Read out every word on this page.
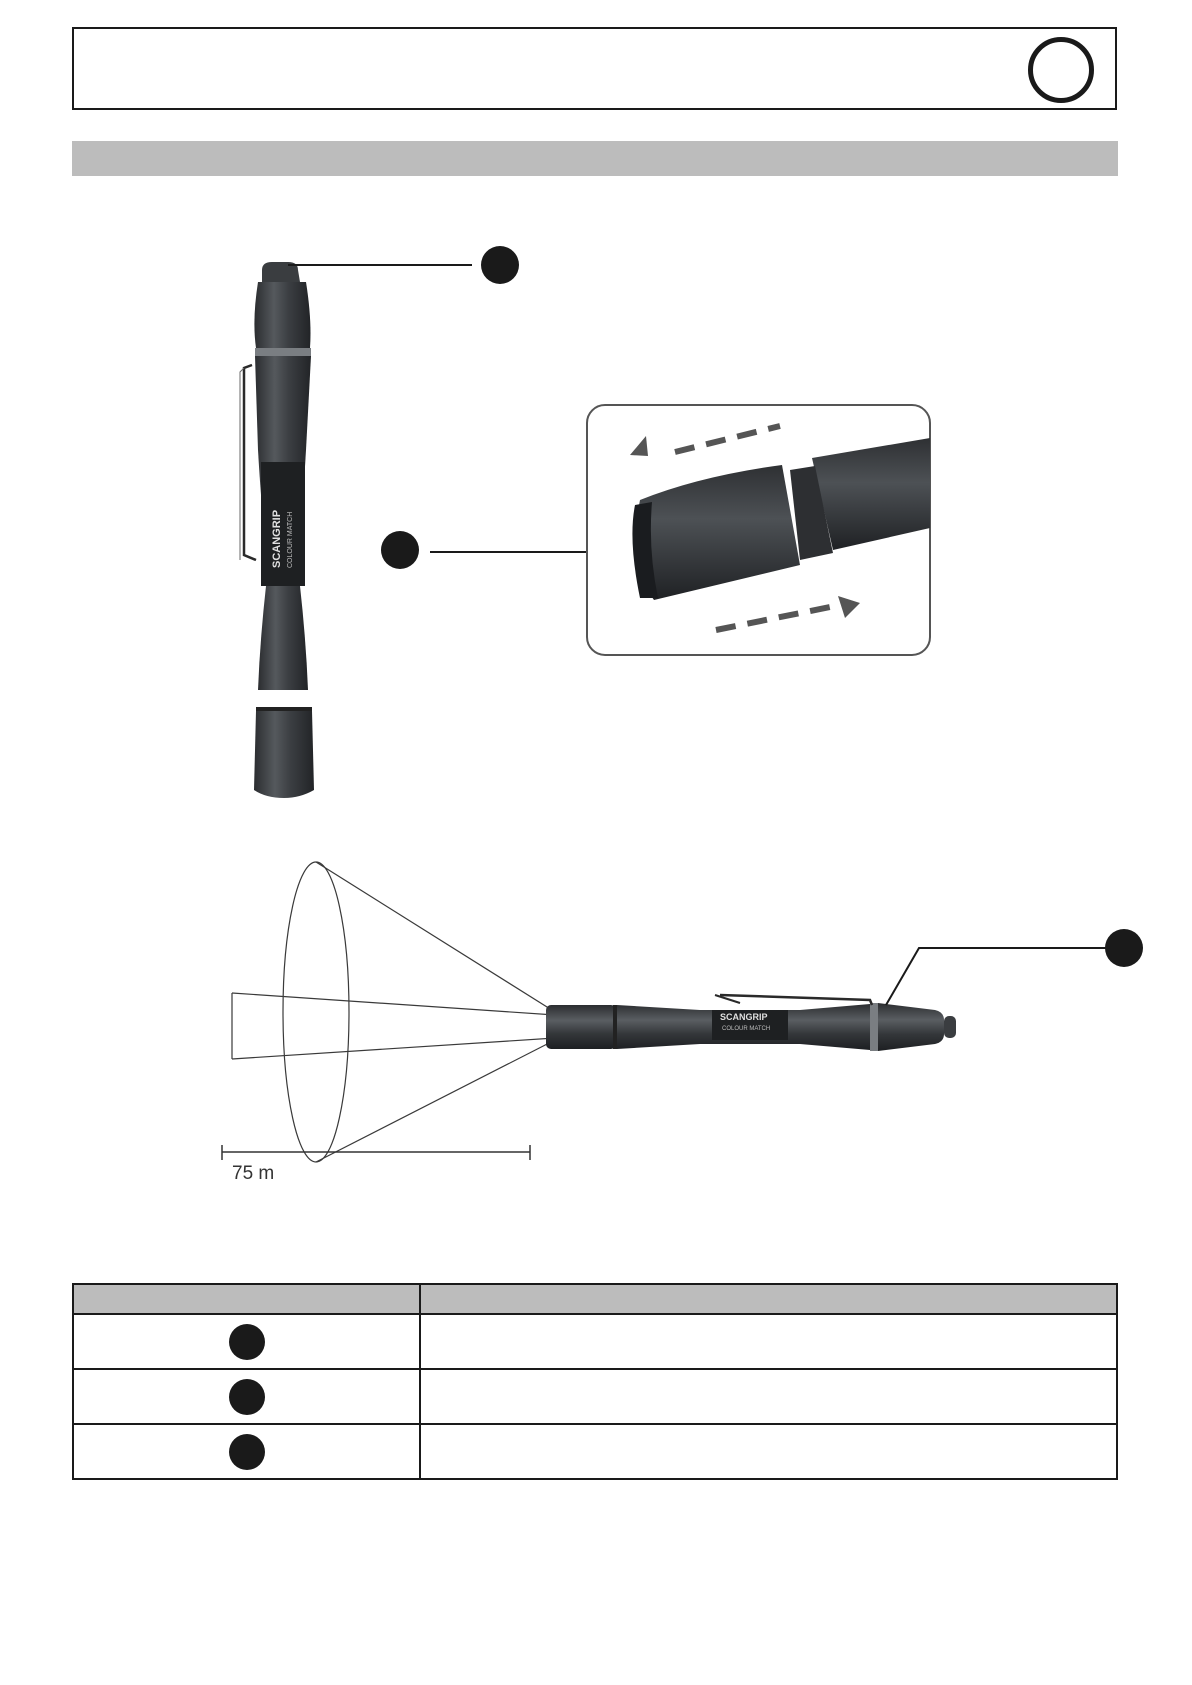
SCANGRIP COLOUR MATCH
SCANGRIP
COLOUR MATCH
75 m
